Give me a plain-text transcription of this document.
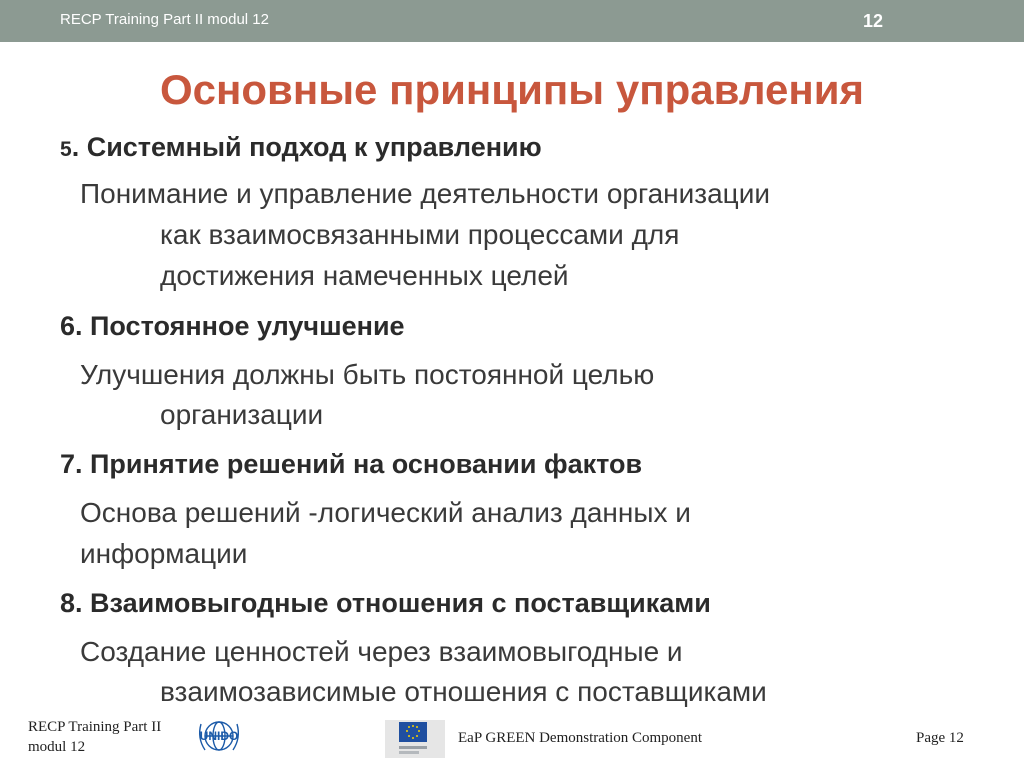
RECP Training Part II modul 12	12
Основные принципы управления
5. Системный подход к управлению
Понимание и управление деятельности организации
как взаимосвязанными процессами для
достижения намеченных целей
6. Постоянное улучшение
Улучшения должны быть постоянной целью
организации
7. Принятие решений на основании фактов
Основа решений -логический анализ данных и
информации
8. Взаимовыгодные отношения с поставщиками
Создание ценностей через взаимовыгодные и
взаимозависимые отношения с поставщиками
RECP Training Part II
modul 12
UNIDO	EaP GREEN Demonstration Component	Page 12
